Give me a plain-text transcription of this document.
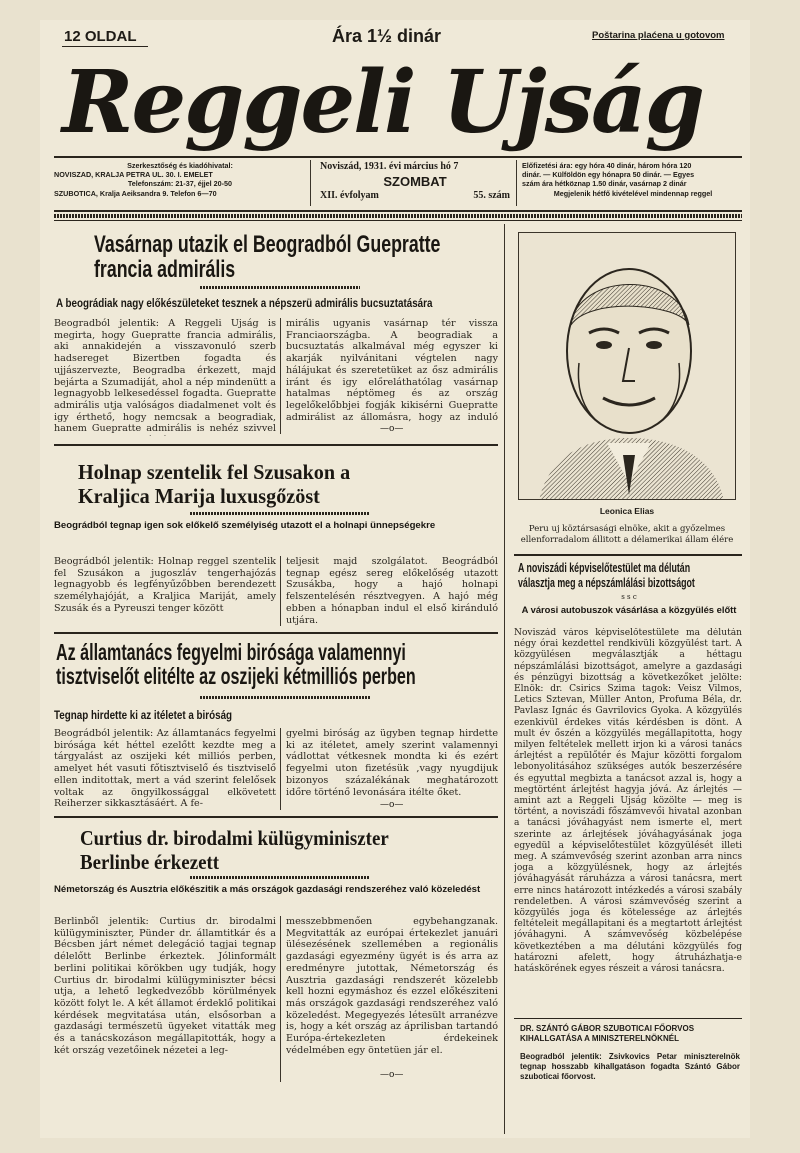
12 OLDAL	Ára 1½ dinár	Poštarina plaćena u gotovom
Reggeli Ujság
Szerkesztőség és kiadóhivatal:
NOVISZAD, KRALJA PETRA UL. 30. I. EMELET
Telefonszám: 21-37, éjjel 20-50
SZUBOTICA, Kralja Aeiksandra 9. Telefon 6—70
Noviszád, 1931. évi március hó 7
SZOMBAT
XII. évfolyam	55. szám
Előfizetési ára: egy hóra 40 dinár, három hóra 120
dinár. — Külföldön egy hónapra 50 dinár. — Egyes
szám ára hétköznap 1.50 dinár, vasárnap 2 dinár
Megjelenik hétfő kivételével mindennap reggel
Vasárnap utazik el Beogradból Guepratte
francia admirális
A beográdiak nagy előkészületeket tesznek a népszerü admirális bucsuztatására
Beogradból jelentik: A Reggeli Ujság is megirta, hogy Guepratte francia admirális, aki annakidején a visszavonuló szerb hadsereget Bizertben fogadta és ujjászervezte, Beogradba érkezett, majd bejárta a Szumadiját, ahol a nép mindenütt a legnagyobb lelkesedéssel fogadta. Guepratte admirális utja valóságos diadalmenet volt és igy érthető, hogy nemcsak a beogradiak, hanem Guepratte admirális is nehéz szivvel
mirális ugyanis vasárnap tér vissza Franciaországba. A beogradiak a bucsuztatás alkalmával még egyszer ki akarják nyilvánitani végtelen nagy hálájukat és szeretetüket az ősz admirális iránt és igy előreláthatólag vasárnap hatalmas néptömeg és az ország legelőkelőbbjei fogják kikisérni Guepratte admirálist az állomásra, hogy az induló
—o—
Holnap szentelik fel Szusakon a
Kraljica Marija luxusgőzöst
Beográdból tegnap igen sok előkelő személyiség utazott el a holnapi ünnepségekre
Beográdból jelentik: Holnap reggel szentelik fel Szusákon a jugoszláv tengerhajózás legnagyobb és legfényűzőbben berendezett személyhajóját, a Kraljica Mariját, amely Szusák és a Pyreuszi tenger között
teljesit majd szolgálatot. Beográdból tegnap egész sereg előkelőség utazott Szusákba, hogy a hajó holnapi felszentelésén résztvegyen. A hajó még ebben a hónapban indul el első kiránduló utjára.
Az államtanács fegyelmi birósága valamennyi
tisztviselőt elitélte az oszijeki kétmilliós perben
Tegnap hirdette ki az itéletet a biróság
Beográdból jelentik: Az államtanács fegyelmi birósága két héttel ezelőtt kezdte meg a tárgyalást az oszijeki két milliós perben, amelyet hét vasuti főtisztviselő és tisztviselő ellen inditottak, mert a vád szerint felelősek voltak az öngyilkossággal elkövetett Reiherzer sikkasztásáért. A fe-
gyelmi biróság az ügyben tegnap hirdette ki az itéletet, amely szerint valamennyi vádlottat vétkesnek mondta ki és ezért fegyelmi uton fizetésük ,vagy nyugdijuk bizonyos százalékának meghatározott időre történő levonására itélte őket.
—o—
Curtius dr. birodalmi külügyminiszter
Berlinbe érkezett
Németország és Ausztria előkészitik a más országok gazdasági rendszeréhez való közeledést
Berlinből jelentik: Curtius dr. birodalmi külügyminiszter, Pünder dr. államtitkár és a Bécsben járt német delegáció tagjai tegnap délelőtt Berlinbe érkeztek. Jólinformált berlini politikai körökben ugy tudják, hogy Curtius dr. birodalmi külügyminiszter bécsi utja, a lehető legkedvezőbb körülmények között folyt le. A két államot érdeklő politikai kérdések megvitatása után, elsősorban a gazdasági természetü ügyeket vitatták meg és a tanácskozáson megállapitották, hogy a két ország vezetőinek nézetei a leg-
messzebbmenően egybehangzanak. Megvitatták az európai értekezlet januári ülésezésének szellemében a regionális gazdasági egyezmény ügyét is és arra az eredményre jutottak, Németország és Ausztria gazdasági rendszerét közelebb kell hozni egymáshoz és ezzel előkésziteni más országok gazdasági rendszeréhez való közeledést. Megegyezés létesült arranézve is, hogy a két ország az áprilisban tartandó Európa-értekezleten érdekeinek védelmében egy öntetüen jár el.
—o—
Leonica Elias
Peru uj köztársasági elnöke, akit a győzelmes ellenforradalom állitott a délamerikai állam élére
A noviszádi képviselőtestület ma délután
választja meg a népszámlálási bizottságot
s s c
A városi autobuszok vásárlása a közgyülés előtt
Noviszád város képviselőtestülete ma délután négy órai kezdettel rendkivüli közgyülést tart. A közgyülésen megválasztják a héttagu népszámlálási bizottságot, amelyre a gazdasági és pénzügyi bizottság a következőket jelölte: Elnök: dr. Csirics Szima tagok: Veisz Vilmos, Letics Sztevan, Müller Anton, Profuma Béla, dr. Pavlasz Ignác és Gavrilovics Gyoka. A közgyülés ezenkivül érdekes vitás kérdésben is dönt. A mult év őszén a közgyülés megállapitotta, hogy milyen feltételek mellett irjon ki a városi tanács árlejtést a repülőtér és Majur közötti forgalom lebonyolitásához szükséges autók beszerzésére és egyuttal megbizta a tanácsot azzal is, hogy a megtörtént árlejtést hagyja jóvá. Az árlejtés — amint azt a Reggeli Ujság közölte — meg is történt, a noviszádi főszámvevői hivatal azonban a tanácsi jóváhagyást nem ismerte el, mert szerinte az árlejtések jóváhagyásának joga egyedül a képviselőtestület közgyülését illeti meg. A számvevőség szerint azonban arra nincs joga a közgyülésnek, hogy az árlejtés jóváhagyását ráruházza a városi tanácsra, mert erre nincs határozott intézkedés a városi szabály rendeletben. A városi számvevőség szerint a közgyülés joga és kötelessége az árlejtés feltételeit megállapitani és a megtartott árlejtést jóváhagyni. A számvevőség közbelépése következtében a ma délutáni közgyülés fog határozni afelett, hogy átruházhatja-e hatáskörének egyes részeit a városi tanácsra.
DR. SZÁNTÓ GÁBOR SZUBOTICAI FŐORVOS KIHALLGATÁSA A MINISZTERELNÖKNÉL
Beogradból jelentik: Zsivkovics Petar miniszterelnök tegnap hosszabb kihallgatáson fogadta Szántó Gábor szuboticai főorvost.
